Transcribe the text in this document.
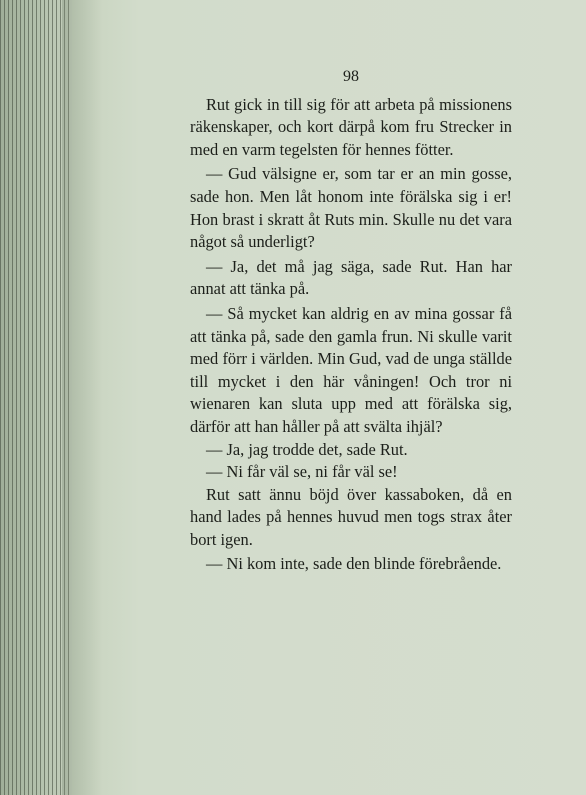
98

Rut gick in till sig för att arbeta på missionens räkenskaper, och kort därpå kom fru Strecker in med en varm tegelsten för hennes fötter.

— Gud välsigne er, som tar er an min gosse, sade hon. Men låt honom inte förälska sig i er! Hon brast i skratt åt Ruts min. Skulle nu det vara något så underligt?

— Ja, det må jag säga, sade Rut. Han har annat att tänka på.

— Så mycket kan aldrig en av mina gossar få att tänka på, sade den gamla frun. Ni skulle varit med förr i världen. Min Gud, vad de unga ställde till mycket i den här våningen! Och tror ni wienaren kan sluta upp med att förälska sig, därför att han håller på att svälta ihjäl?

— Ja, jag trodde det, sade Rut.

— Ni får väl se, ni får väl se!

Rut satt ännu böjd över kassaboken, då en hand lades på hennes huvud men togs strax åter bort igen.

— Ni kom inte, sade den blinde förebrående.
